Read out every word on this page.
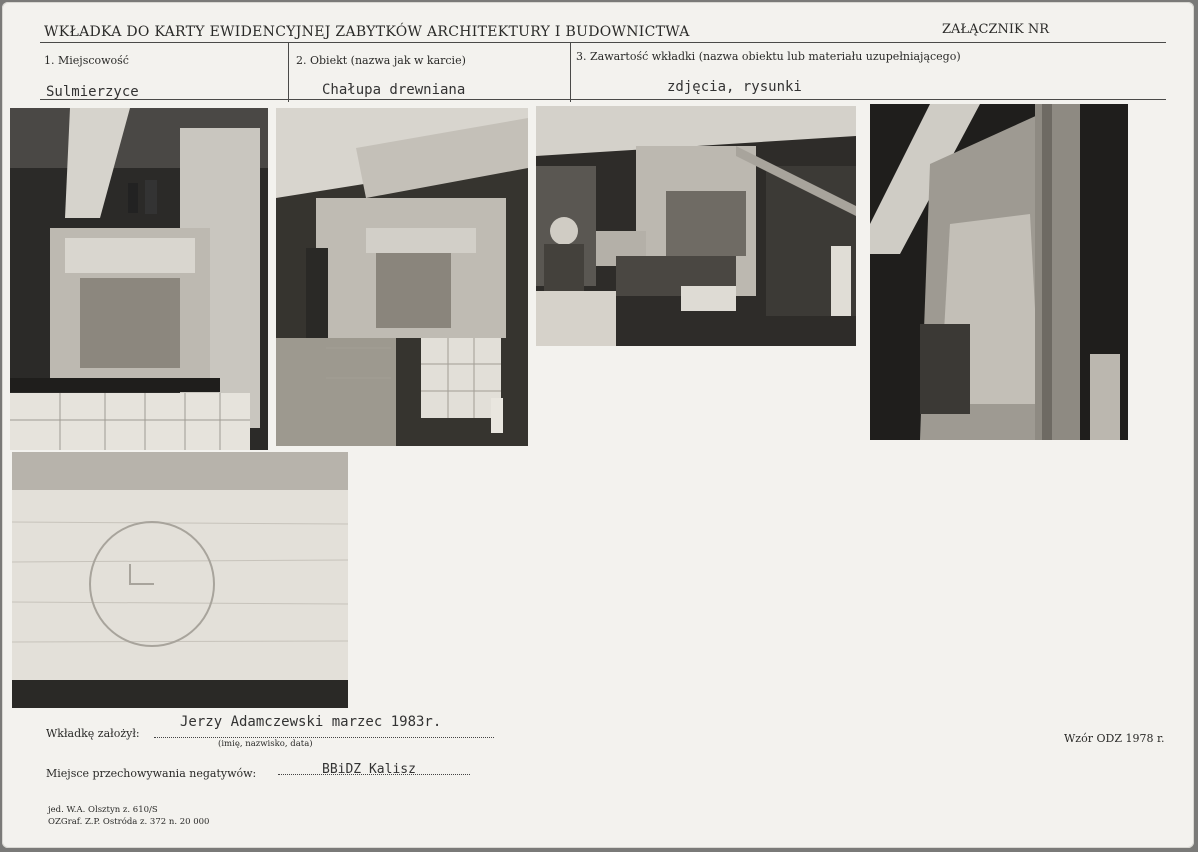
WKŁADKA DO KARTY EWIDENCYJNEJ ZABYTKÓW ARCHITEKTURY I BUDOWNICTWA	ZAŁĄCZNIK NR
1. Miejscowość
Sulmierzyce
2. Obiekt (nazwa jak w karcie)
Chałupa drewniana
3. Zawartość wkładki (nazwa obiektu lub materiału uzupełniającego)
zdjęcia, rysunki
Wkładkę założył:
Jerzy Adamczewski marzec 1983r.
(imię, nazwisko, data)
Miejsce przechowywania negatywów:	BBiDZ Kalisz
Wzór ODZ 1978 r.
jed. W.A. Olsztyn z. 610/S
OZGraf. Z.P. Ostróda z. 372 n. 20 000
